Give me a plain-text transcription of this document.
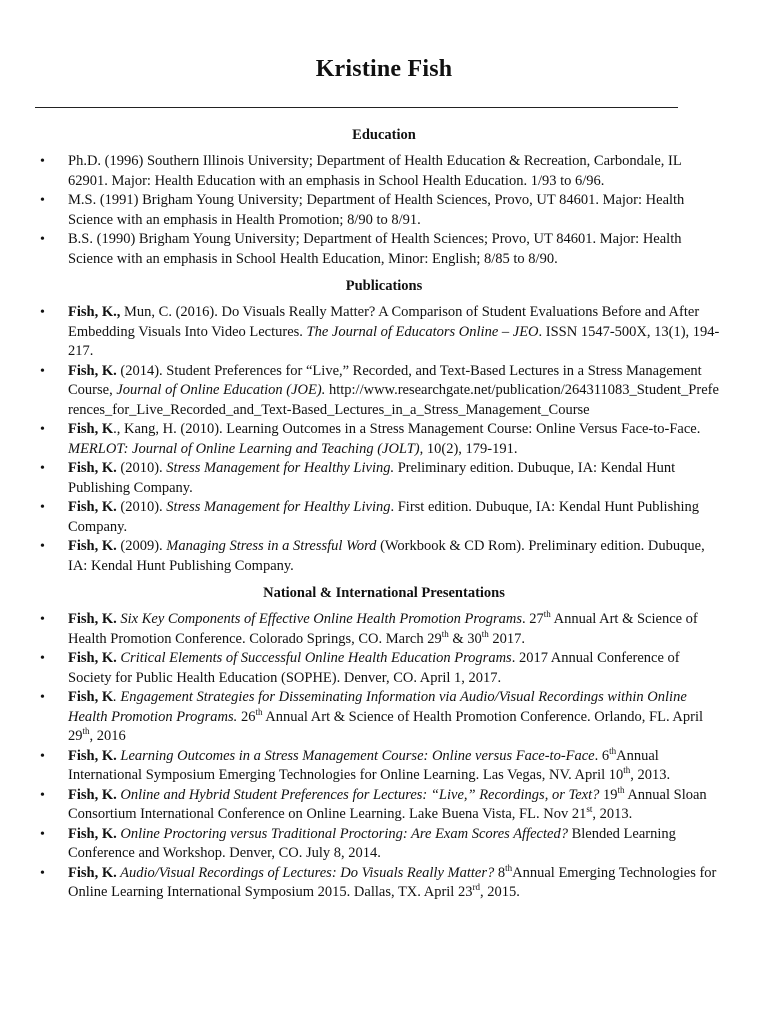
Kristine Fish
Education
• Ph.D. (1996) Southern Illinois University; Department of Health Education & Recreation, Carbondale, IL 62901. Major: Health Education with an emphasis in School Health Education. 1/93 to 6/96.
• M.S. (1991) Brigham Young University; Department of Health Sciences, Provo, UT 84601. Major: Health Science with an emphasis in Health Promotion; 8/90 to 8/91.
• B.S. (1990) Brigham Young University; Department of Health Sciences; Provo, UT 84601. Major: Health Science with an emphasis in School Health Education, Minor: English; 8/85 to 8/90.
Publications
• Fish, K., Mun, C. (2016). Do Visuals Really Matter? A Comparison of Student Evaluations Before and After Embedding Visuals Into Video Lectures. The Journal of Educators Online – JEO. ISSN 1547-500X, 13(1), 194-217.
• Fish, K. (2014). Student Preferences for “Live,” Recorded, and Text-Based Lectures in a Stress Management Course, Journal of Online Education (JOE). http://www.researchgate.net/publication/264311083_Student_Preferences_for_Live_Recorded_and_Text-Based_Lectures_in_a_Stress_Management_Course
• Fish, K., Kang, H. (2010). Learning Outcomes in a Stress Management Course: Online Versus Face-to-Face. MERLOT: Journal of Online Learning and Teaching (JOLT), 10(2), 179-191.
• Fish, K. (2010). Stress Management for Healthy Living. Preliminary edition. Dubuque, IA: Kendal Hunt Publishing Company.
• Fish, K. (2010). Stress Management for Healthy Living. First edition. Dubuque, IA: Kendal Hunt Publishing Company.
• Fish, K. (2009). Managing Stress in a Stressful Word (Workbook & CD Rom). Preliminary edition. Dubuque, IA: Kendal Hunt Publishing Company.
National & International Presentations
• Fish, K. Six Key Components of Effective Online Health Promotion Programs. 27th Annual Art & Science of Health Promotion Conference. Colorado Springs, CO. March 29th & 30th 2017.
• Fish, K. Critical Elements of Successful Online Health Education Programs. 2017 Annual Conference of Society for Public Health Education (SOPHE). Denver, CO. April 1, 2017.
• Fish, K. Engagement Strategies for Disseminating Information via Audio/Visual Recordings within Online Health Promotion Programs. 26th Annual Art & Science of Health Promotion Conference. Orlando, FL. April 29th, 2016
• Fish, K. Learning Outcomes in a Stress Management Course: Online versus Face-to-Face. 6thAnnual International Symposium Emerging Technologies for Online Learning. Las Vegas, NV. April 10th, 2013.
• Fish, K. Online and Hybrid Student Preferences for Lectures: “Live,” Recordings, or Text? 19th Annual Sloan Consortium International Conference on Online Learning. Lake Buena Vista, FL. Nov 21st, 2013.
• Fish, K. Online Proctoring versus Traditional Proctoring: Are Exam Scores Affected? Blended Learning Conference and Workshop. Denver, CO. July 8, 2014.
• Fish, K. Audio/Visual Recordings of Lectures: Do Visuals Really Matter? 8thAnnual Emerging Technologies for Online Learning International Symposium 2015. Dallas, TX. April 23rd, 2015.
